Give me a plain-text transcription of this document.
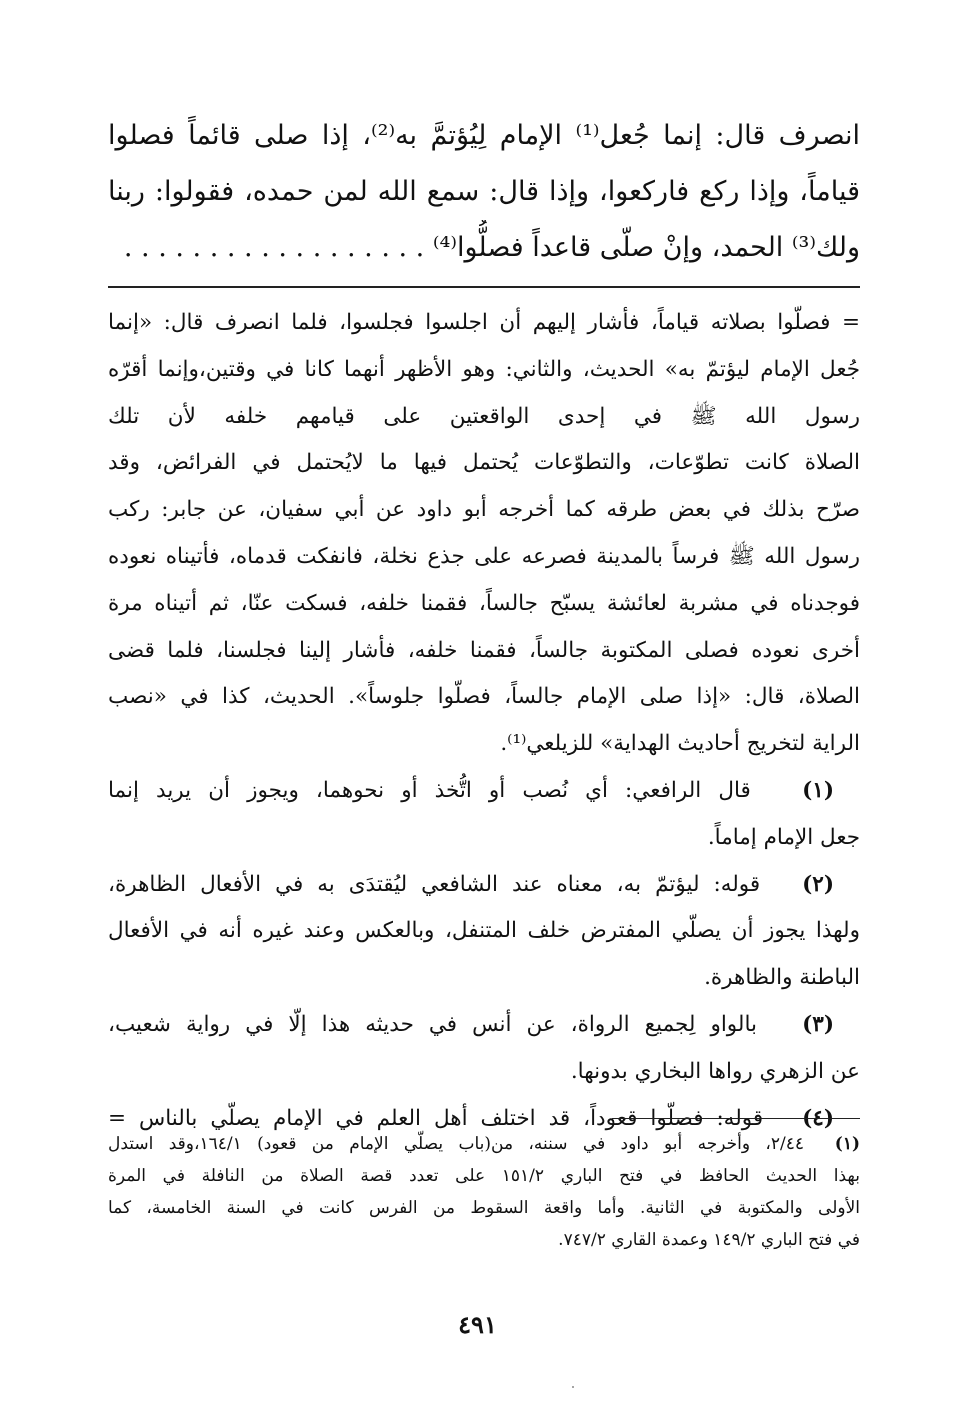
انصرف قال: إنما جُعل⁽¹⁾ الإمام لِيُؤتمَّ به⁽²⁾، إذا صلى قائماً فصلوا
قياماً، وإذا ركع فاركعوا، وإذا قال: سمع الله لمن حمده، فقولوا: ربنا
ولك⁽³⁾ الحمد، وإنْ صلّى قاعداً فصلُّوا⁽⁴⁾ . . . . . . . . . . . . . . . . . .
= فصلّوا بصلاته قياماً، فأشار إليهم أن اجلسوا فجلسوا، فلما انصرف قال: «إنما
جُعل الإمام ليؤتمّ به» الحديث، والثاني: وهو الأظهر أنهما كانا في وقتين،وإنما أقرّه
رسول الله ﷺ في إحدى الواقعتين على قيامهم خلفه لأن تلك
الصلاة كانت تطوّعات، والتطوّعات يُحتمل فيها ما لايُحتمل في الفرائض، وقد
صرّح بذلك في بعض طرقه كما أخرجه أبو داود عن أبي سفيان، عن جابر: ركب
رسول الله ﷺ فرساً بالمدينة فصرعه على جذع نخلة، فانفكت قدماه، فأتيناه نعوده
فوجدناه في مشربة لعائشة يسبّح جالساً، فقمنا خلفه، فسكت عنّا، ثم أتيناه مرة
أخرى نعوده فصلى المكتوبة جالساً، فقمنا خلفه، فأشار إلينا فجلسنا، فلما قضى
الصلاة، قال: «إذا صلى الإمام جالساً، فصلّوا جلوساً». الحديث، كذا في «نصب
الراية لتخريج أحاديث الهداية» للزيلعي⁽¹⁾.
(١)   قال الرافعي: أي نُصب أو اتُّخذ أو نحوهما، ويجوز أن يريد إنما
جعل الإمام إماماً.
(٢)   قوله: ليؤتمّ به، معناه عند الشافعي ليُقتدَى به في الأفعال الظاهرة،
ولهذا يجوز أن يصلّي المفترض خلف المتنفل، وبالعكس وعند غيره أنه في الأفعال
الباطنة والظاهرة.
(٣)   بالواو لِجميع الرواة، عن أنس في حديثه هذا إلّا في رواية شعيب،
عن الزهري رواها البخاري بدونها.
(٤)   قوله: فصلّوا قعوداً، قد اختلف أهل العلم في الإمام يصلّي بالناس =
(١)  ٢/٤٤، وأخرجه أبو داود في سننه، من(باب يصلّي الإمام من قعود) ١٦٤/١،وقد استدل
بهذا الحديث الحافظ في فتح الباري ١٥١/٢ على تعدد قصة الصلاة من النافلة في المرة
الأولى والمكتوبة في الثانية. وأما واقعة السقوط من الفرس كانت في السنة الخامسة، كما
في فتح الباري ١٤٩/٢ وعمدة القاري ٧٤٧/٢.
٤٩١
